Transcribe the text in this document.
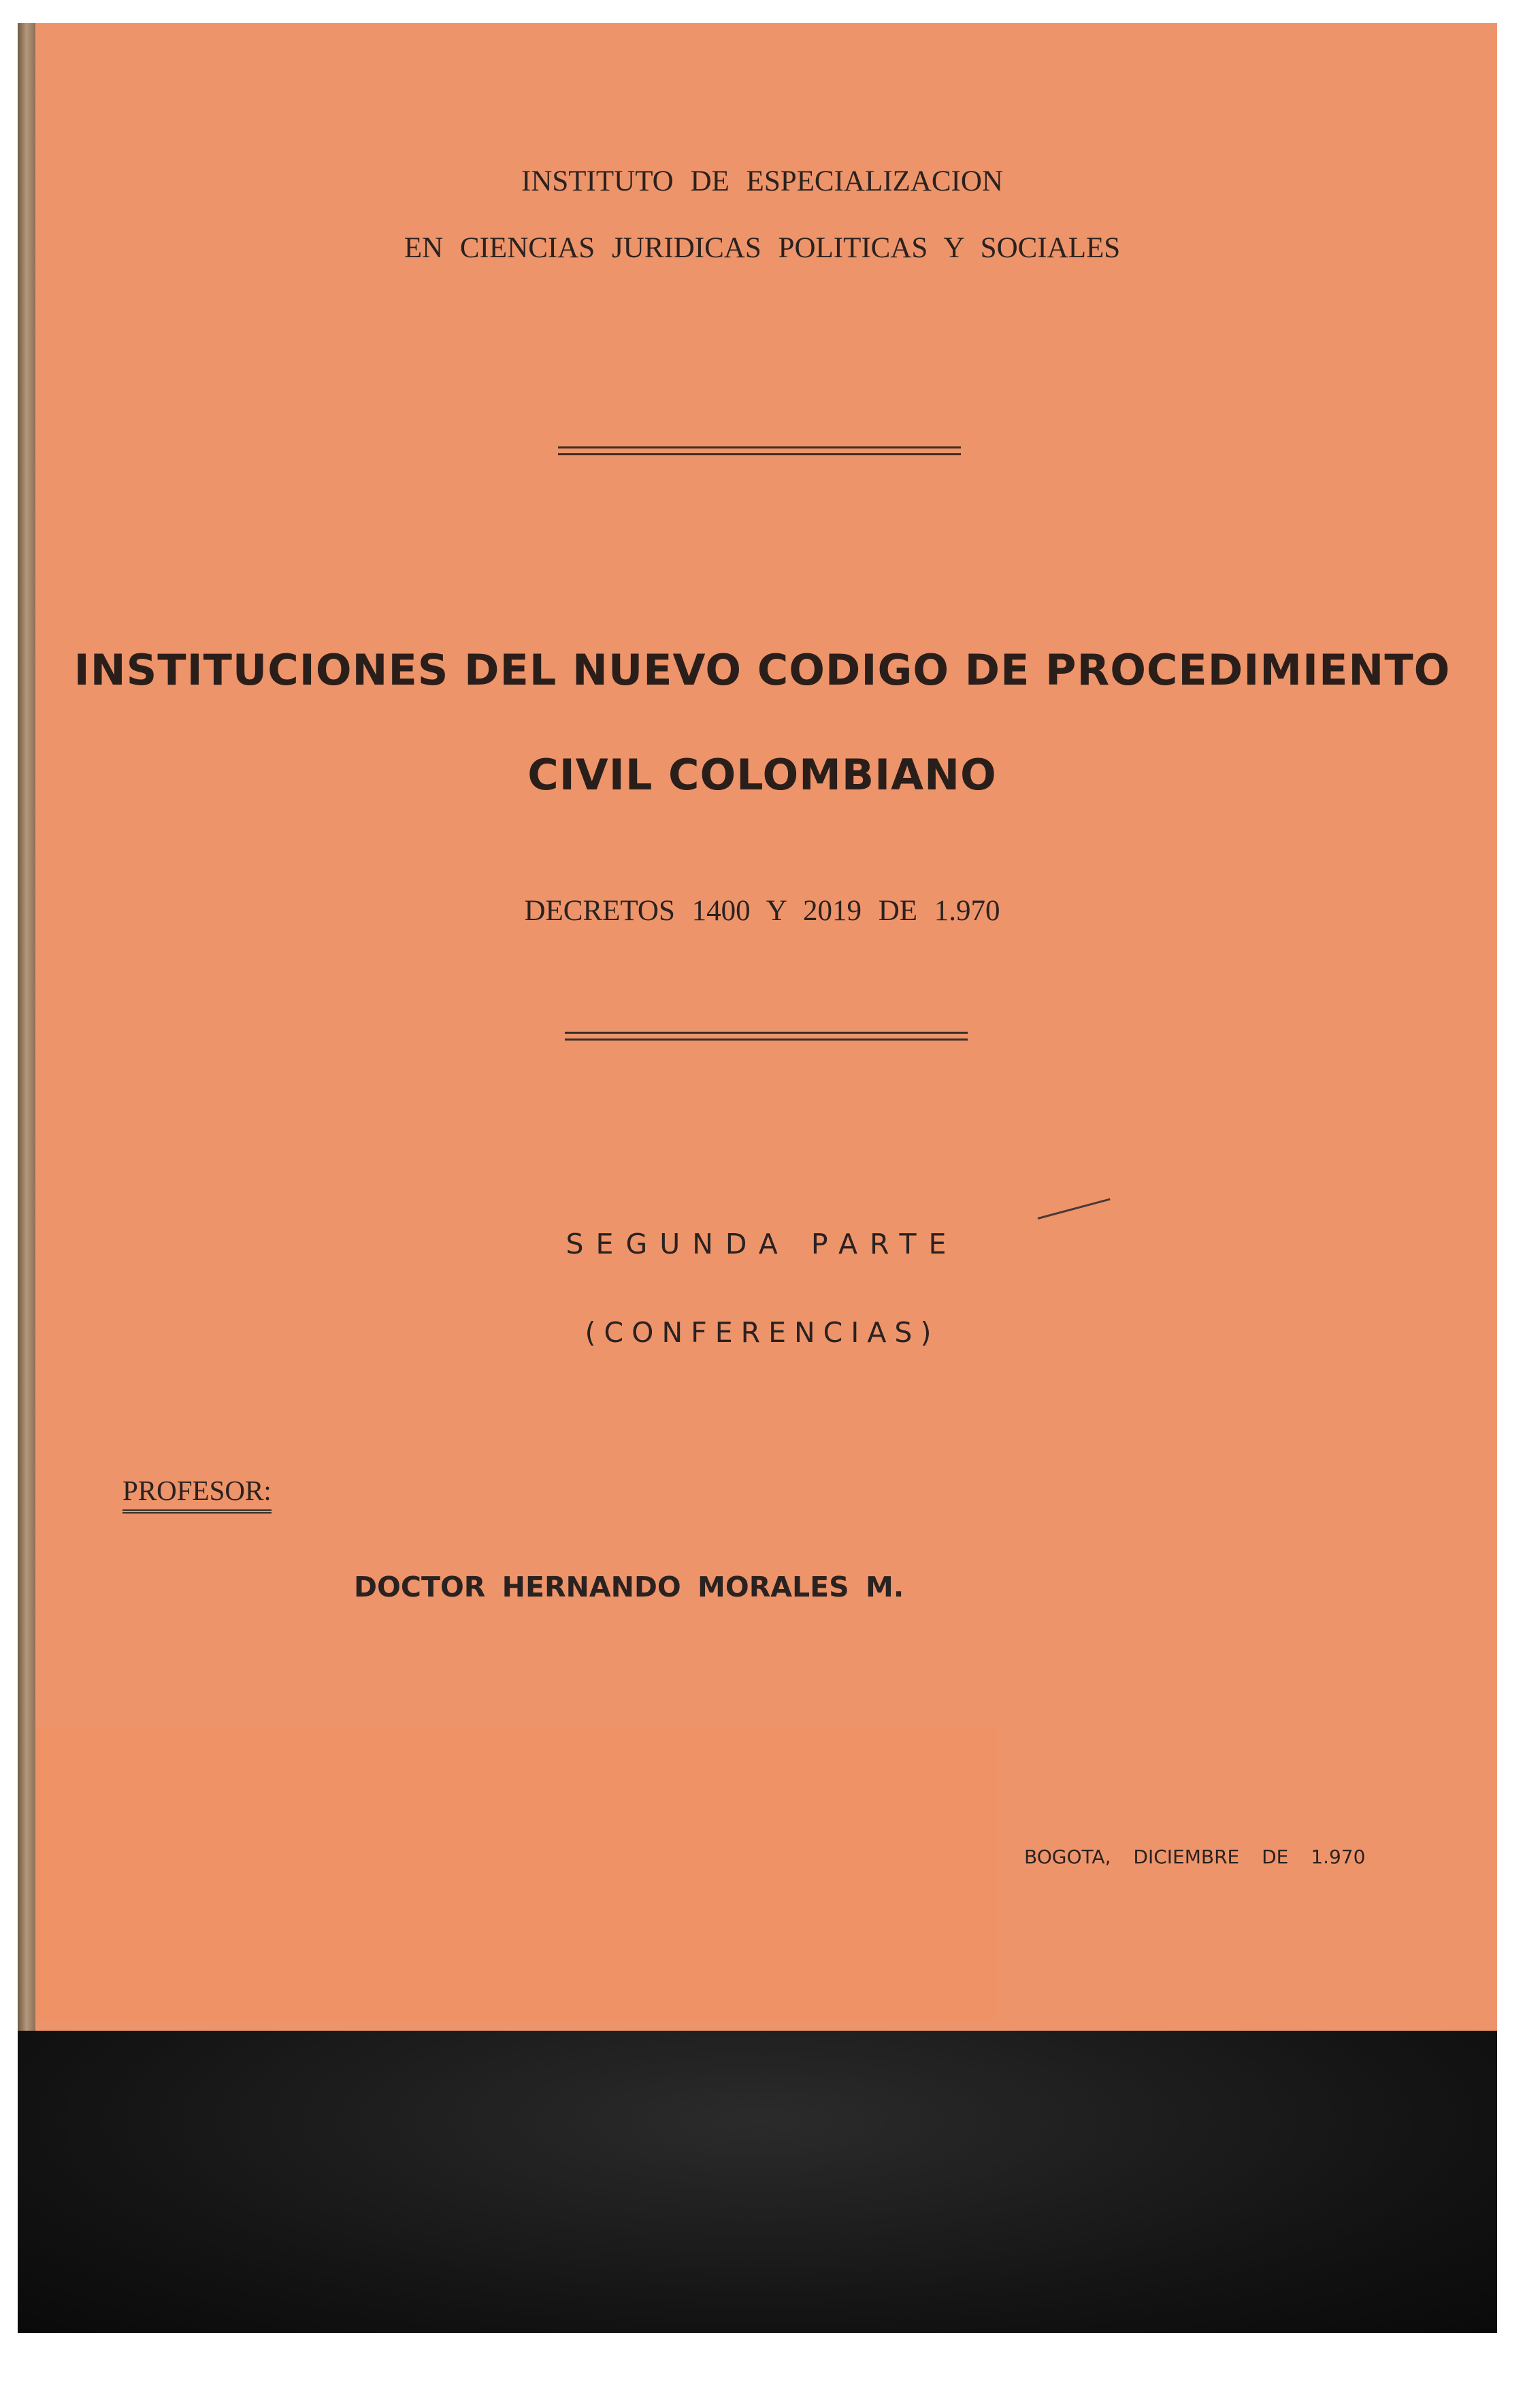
INSTITUTO DE ESPECIALIZACION
EN CIENCIAS JURIDICAS POLITICAS Y SOCIALES
INSTITUCIONES DEL NUEVO CODIGO DE PROCEDIMIENTO
CIVIL COLOMBIANO
DECRETOS 1400 Y 2019 DE 1.970
SEGUNDA PARTE
(CONFERENCIAS)
PROFESOR:
DOCTOR HERNANDO MORALES M.
BOGOTA, DICIEMBRE DE 1.970
